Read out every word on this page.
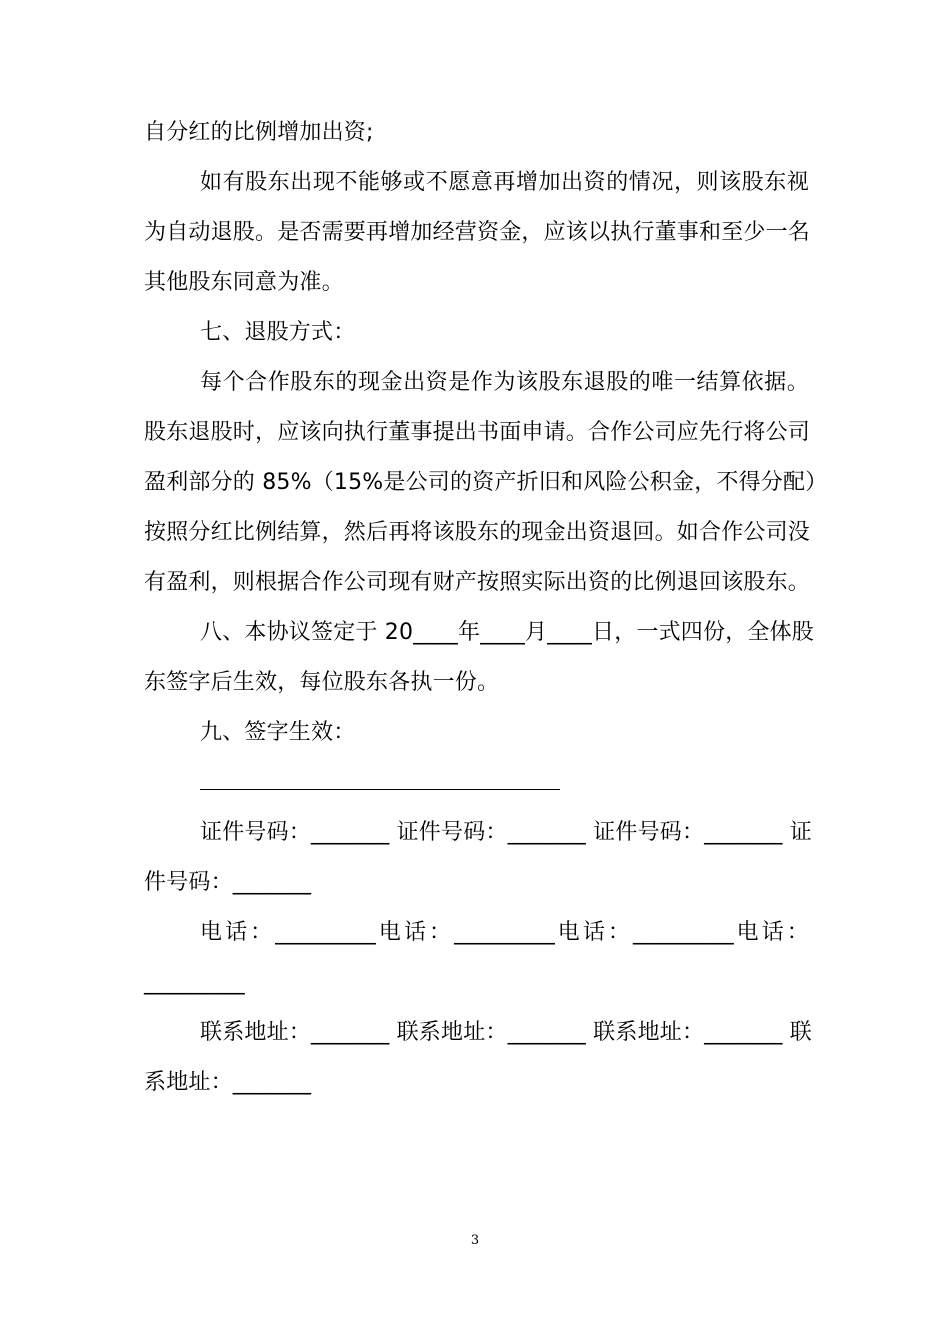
自分红的比例增加出资;
如有股东出现不能够或不愿意再增加出资的情况，则该股东视
为自动退股。是否需要再增加经营资金，应该以执行董事和至少一名
其他股东同意为准。
七、退股方式：
每个合作股东的现金出资是作为该股东退股的唯一结算依据。
股东退股时，应该向执行董事提出书面申请。合作公司应先行将公司
盈利部分的 85%（15%是公司的资产折旧和风险公积金，不得分配）
按照分红比例结算，然后再将该股东的现金出资退回。如合作公司没
有盈利，则根据合作公司现有财产按照实际出资的比例退回该股东。
八、本协议签定于 20____年____月____日，一式四份，全体股
东签字后生效，每位股东各执一份。
九、签字生效：
证件号码：_______ 证件号码：_______ 证件号码：_______ 证
件号码：_______
电话：_________电话：_________电话：_________电话：
_________
联系地址：_______ 联系地址：_______ 联系地址：_______ 联
系地址：_______
3
